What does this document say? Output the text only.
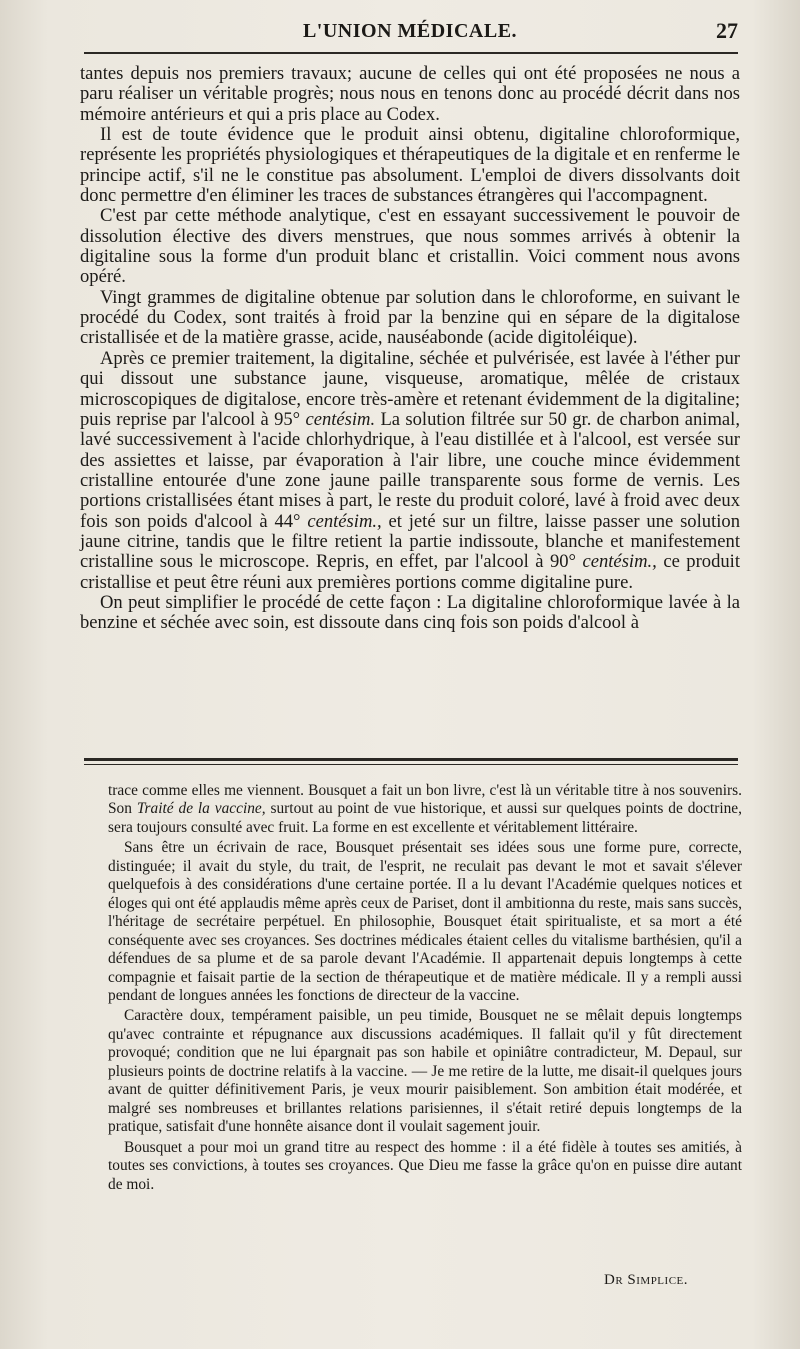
L'UNION MÉDICALE.	27

tantes depuis nos premiers travaux; aucune de celles qui ont été proposées ne nous a paru réaliser un véritable progrès; nous nous en tenons donc au procédé décrit dans nos mémoire antérieurs et qui a pris place au Codex.

Il est de toute évidence que le produit ainsi obtenu, digitaline chloroformique, représente les propriétés physiologiques et thérapeutiques de la digitale et en renferme le principe actif, s'il ne le constitue pas absolument. L'emploi de divers dissolvants doit donc permettre d'en éliminer les traces de substances étrangères qui l'accompagnent.

C'est par cette méthode analytique, c'est en essayant successivement le pouvoir de dissolution élective des divers menstrues, que nous sommes arrivés à obtenir la digitaline sous la forme d'un produit blanc et cristallin. Voici comment nous avons opéré.

Vingt grammes de digitaline obtenue par solution dans le chloroforme, en suivant le procédé du Codex, sont traités à froid par la benzine qui en sépare de la digitalose cristallisée et de la matière grasse, acide, nauséabonde (acide digitoléique).

Après ce premier traitement, la digitaline, séchée et pulvérisée, est lavée à l'éther pur qui dissout une substance jaune, visqueuse, aromatique, mêlée de cristaux microscopiques de digitalose, encore très-amère et retenant évidemment de la digitaline; puis reprise par l'alcool à 95° centésim. La solution filtrée sur 50 gr. de charbon animal, lavé successivement à l'acide chlorhydrique, à l'eau distillée et à l'alcool, est versée sur des assiettes et laisse, par évaporation à l'air libre, une couche mince évidemment cristalline entourée d'une zone jaune paille transparente sous forme de vernis. Les portions cristallisées étant mises à part, le reste du produit coloré, lavé à froid avec deux fois son poids d'alcool à 44° centésim., et jeté sur un filtre, laisse passer une solution jaune citrine, tandis que le filtre retient la partie indissoute, blanche et manifestement cristalline sous le microscope. Repris, en effet, par l'alcool à 90° centésim., ce produit cristallise et peut être réuni aux premières portions comme digitaline pure.

On peut simplifier le procédé de cette façon : La digitaline chloroformique lavée à la benzine et séchée avec soin, est dissoute dans cinq fois son poids d'alcool à

trace comme elles me viennent. Bousquet a fait un bon livre, c'est là un véritable titre à nos souvenirs. Son Traité de la vaccine, surtout au point de vue historique, et aussi sur quelques points de doctrine, sera toujours consulté avec fruit. La forme en est excellente et véritablement littéraire.

Sans être un écrivain de race, Bousquet présentait ses idées sous une forme pure, correcte, distinguée; il avait du style, du trait, de l'esprit, ne reculait pas devant le mot et savait s'élever quelquefois à des considérations d'une certaine portée. Il a lu devant l'Académie quelques notices et éloges qui ont été applaudis même après ceux de Pariset, dont il ambitionna du reste, mais sans succès, l'héritage de secrétaire perpétuel. En philosophie, Bousquet était spiritualiste, et sa mort a été conséquente avec ses croyances. Ses doctrines médicales étaient celles du vitalisme barthésien, qu'il a défendues de sa plume et de sa parole devant l'Académie. Il appartenait depuis longtemps à cette compagnie et faisait partie de la section de thérapeutique et de matière médicale. Il y a rempli aussi pendant de longues années les fonctions de directeur de la vaccine.

Caractère doux, tempérament paisible, un peu timide, Bousquet ne se mêlait depuis longtemps qu'avec contrainte et répugnance aux discussions académiques. Il fallait qu'il y fût directement provoqué; condition que ne lui épargnait pas son habile et opiniâtre contradicteur, M. Depaul, sur plusieurs points de doctrine relatifs à la vaccine. — Je me retire de la lutte, me disait-il quelques jours avant de quitter définitivement Paris, je veux mourir paisiblement. Son ambition était modérée, et malgré ses nombreuses et brillantes relations parisiennes, il s'était retiré depuis longtemps de la pratique, satisfait d'une honnête aisance dont il voulait sagement jouir.

Bousquet a pour moi un grand titre au respect des homme : il a été fidèle à toutes ses amitiés, à toutes ses convictions, à toutes ses croyances. Que Dieu me fasse la grâce qu'on en puisse dire autant de moi.

Dr Simplice.
